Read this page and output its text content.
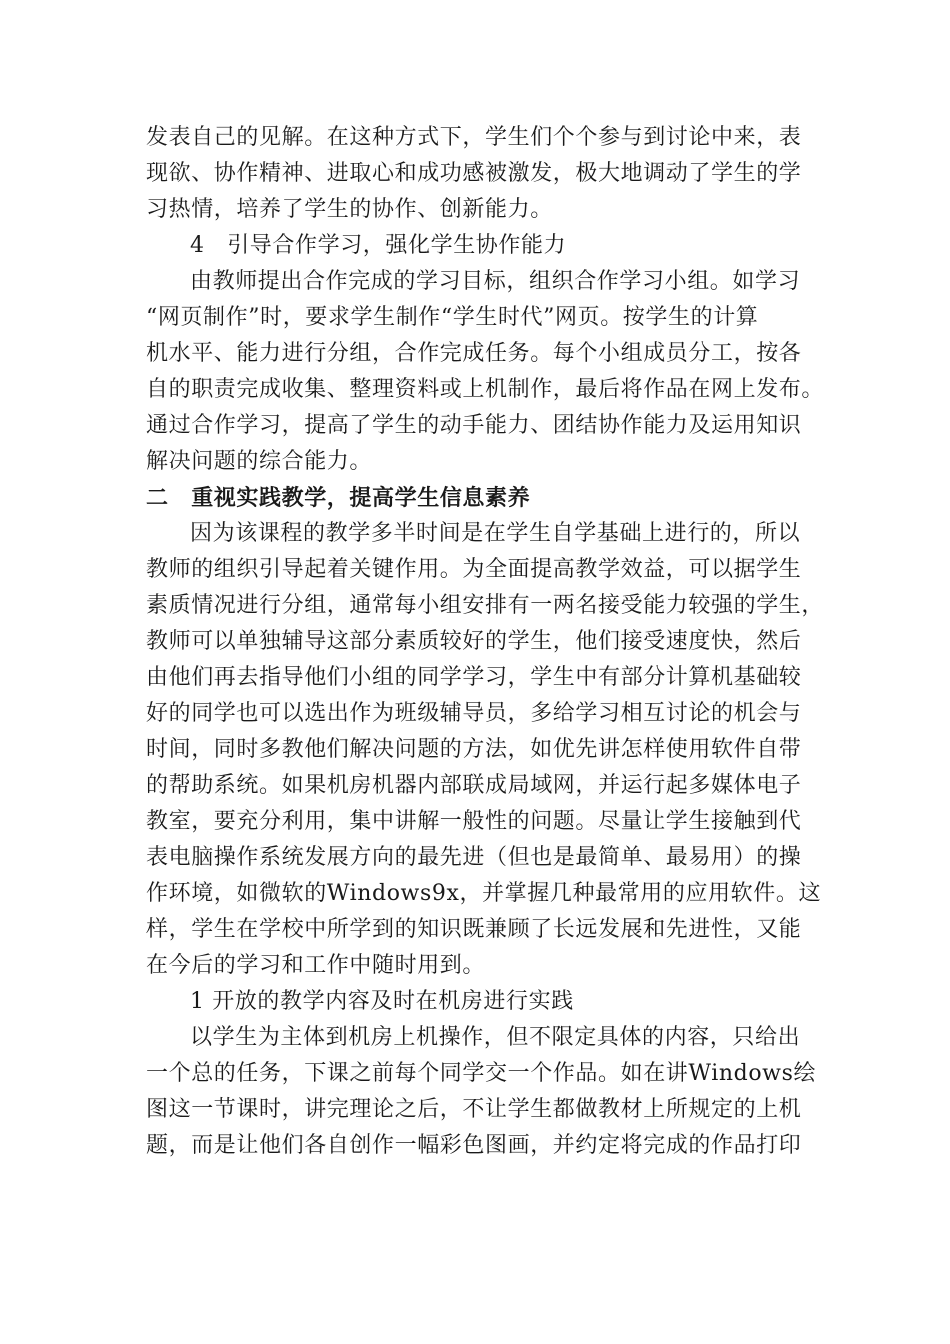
发表自己的见解。在这种方式下，学生们个个参与到讨论中来，表
现欲、协作精神、进取心和成功感被激发，极大地调动了学生的学
习热情，培养了学生的协作、创新能力。
4　引导合作学习，强化学生协作能力
由教师提出合作完成的学习目标，组织合作学习小组。如学习
“网页制作”时，要求学生制作“学生时代”网页。按学生的计算
机水平、能力进行分组，合作完成任务。每个小组成员分工，按各
自的职责完成收集、整理资料或上机制作，最后将作品在网上发布。
通过合作学习，提高了学生的动手能力、团结协作能力及运用知识
解决问题的综合能力。
二　重视实践教学，提高学生信息素养
因为该课程的教学多半时间是在学生自学基础上进行的，所以
教师的组织引导起着关键作用。为全面提高教学效益，可以据学生
素质情况进行分组，通常每小组安排有一两名接受能力较强的学生，
教师可以单独辅导这部分素质较好的学生，他们接受速度快，然后
由他们再去指导他们小组的同学学习，学生中有部分计算机基础较
好的同学也可以选出作为班级辅导员，多给学习相互讨论的机会与
时间，同时多教他们解决问题的方法，如优先讲怎样使用软件自带
的帮助系统。如果机房机器内部联成局域网，并运行起多媒体电子
教室，要充分利用，集中讲解一般性的问题。尽量让学生接触到代
表电脑操作系统发展方向的最先进（但也是最简单、最易用）的操
作环境，如微软的Windows9x，并掌握几种最常用的应用软件。这
样，学生在学校中所学到的知识既兼顾了长远发展和先进性，又能
在今后的学习和工作中随时用到。
1 开放的教学内容及时在机房进行实践
以学生为主体到机房上机操作，但不限定具体的内容，只给出
一个总的任务，下课之前每个同学交一个作品。如在讲Windows绘
图这一节课时，讲完理论之后，不让学生都做教材上所规定的上机
题，而是让他们各自创作一幅彩色图画，并约定将完成的作品打印
